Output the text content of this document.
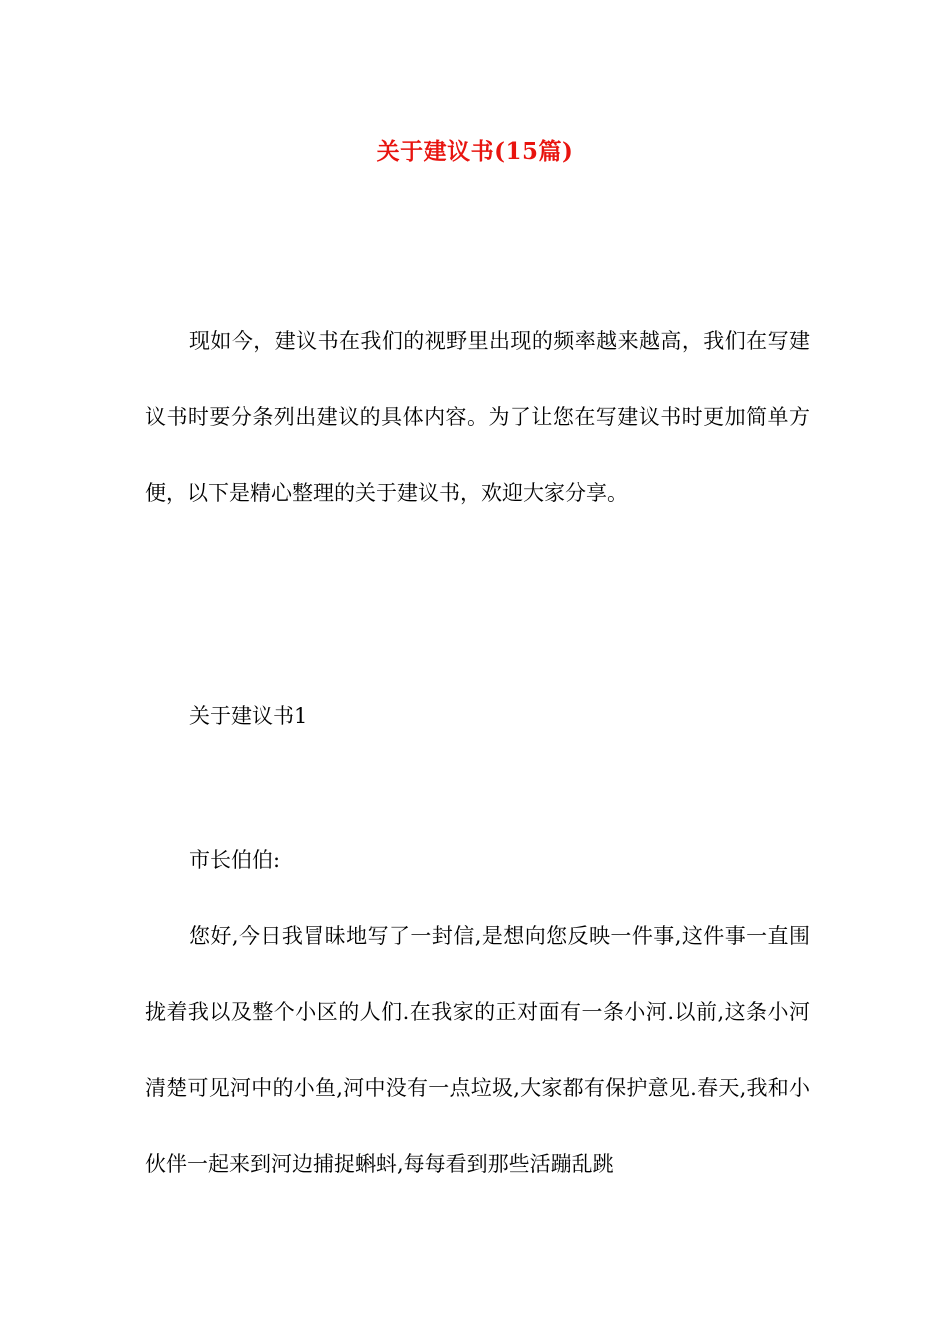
关于建议书(15篇)

现如今，建议书在我们的视野里出现的频率越来越高，我们在写建议书时要分条列出建议的具体内容。为了让您在写建议书时更加简单方便，以下是精心整理的关于建议书，欢迎大家分享。

关于建议书1

市长伯伯:

您好,今日我冒昧地写了一封信,是想向您反映一件事,这件事一直围拢着我以及整个小区的人们.在我家的正对面有一条小河.以前,这条小河清楚可见河中的小鱼,河中没有一点垃圾,大家都有保护意见.春天,我和小伙伴一起来到河边捕捉蝌蚪,每每看到那些活蹦乱跳
